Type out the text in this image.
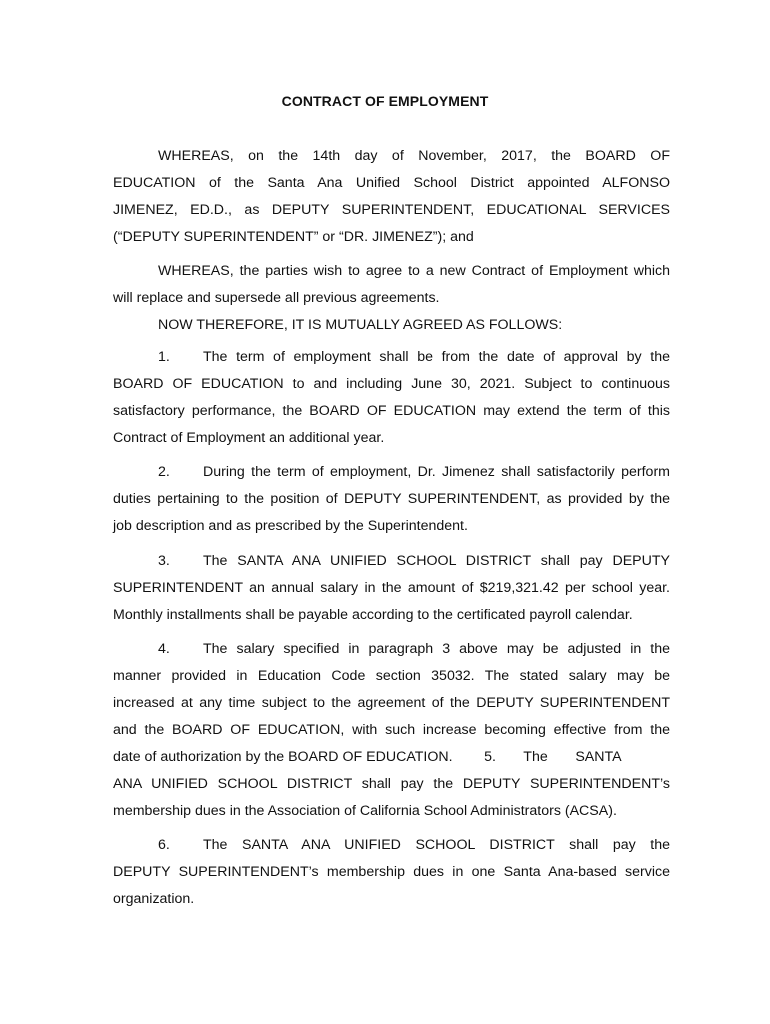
CONTRACT OF EMPLOYMENT
WHEREAS, on the 14th day of November, 2017, the BOARD OF
EDUCATION of the Santa Ana Unified School District appointed ALFONSO
JIMENEZ, ED.D., as DEPUTY SUPERINTENDENT, EDUCATIONAL SERVICES
(“DEPUTY SUPERINTENDENT” or “DR. JIMENEZ”); and
WHEREAS, the parties wish to agree to a new Contract of Employment which
will replace and supersede all previous agreements.
NOW THEREFORE, IT IS MUTUALLY AGREED AS FOLLOWS:
1. The term of employment shall be from the date of approval by the
BOARD OF EDUCATION to and including June 30, 2021. Subject to continuous
satisfactory performance, the BOARD OF EDUCATION may extend the term of this
Contract of Employment an additional year.
2. During the term of employment, Dr. Jimenez shall satisfactorily perform
duties pertaining to the position of DEPUTY SUPERINTENDENT, as provided by the
job description and as prescribed by the Superintendent.
3. The SANTA ANA UNIFIED SCHOOL DISTRICT shall pay DEPUTY
SUPERINTENDENT an annual salary in the amount of $219,321.42 per school year.
Monthly installments shall be payable according to the certificated payroll calendar.
4. The salary specified in paragraph 3 above may be adjusted in the
manner provided in Education Code section 35032. The stated salary may be
increased at any time subject to the agreement of the DEPUTY SUPERINTENDENT
and the BOARD OF EDUCATION, with such increase becoming effective from the
date of authorization by the BOARD OF EDUCATION.        5.       The       SANTA
ANA UNIFIED SCHOOL DISTRICT shall pay the DEPUTY SUPERINTENDENT’s
membership dues in the Association of California School Administrators (ACSA).
6. The SANTA ANA UNIFIED SCHOOL DISTRICT shall pay the
DEPUTY SUPERINTENDENT’s membership dues in one Santa Ana-based service
organization.
